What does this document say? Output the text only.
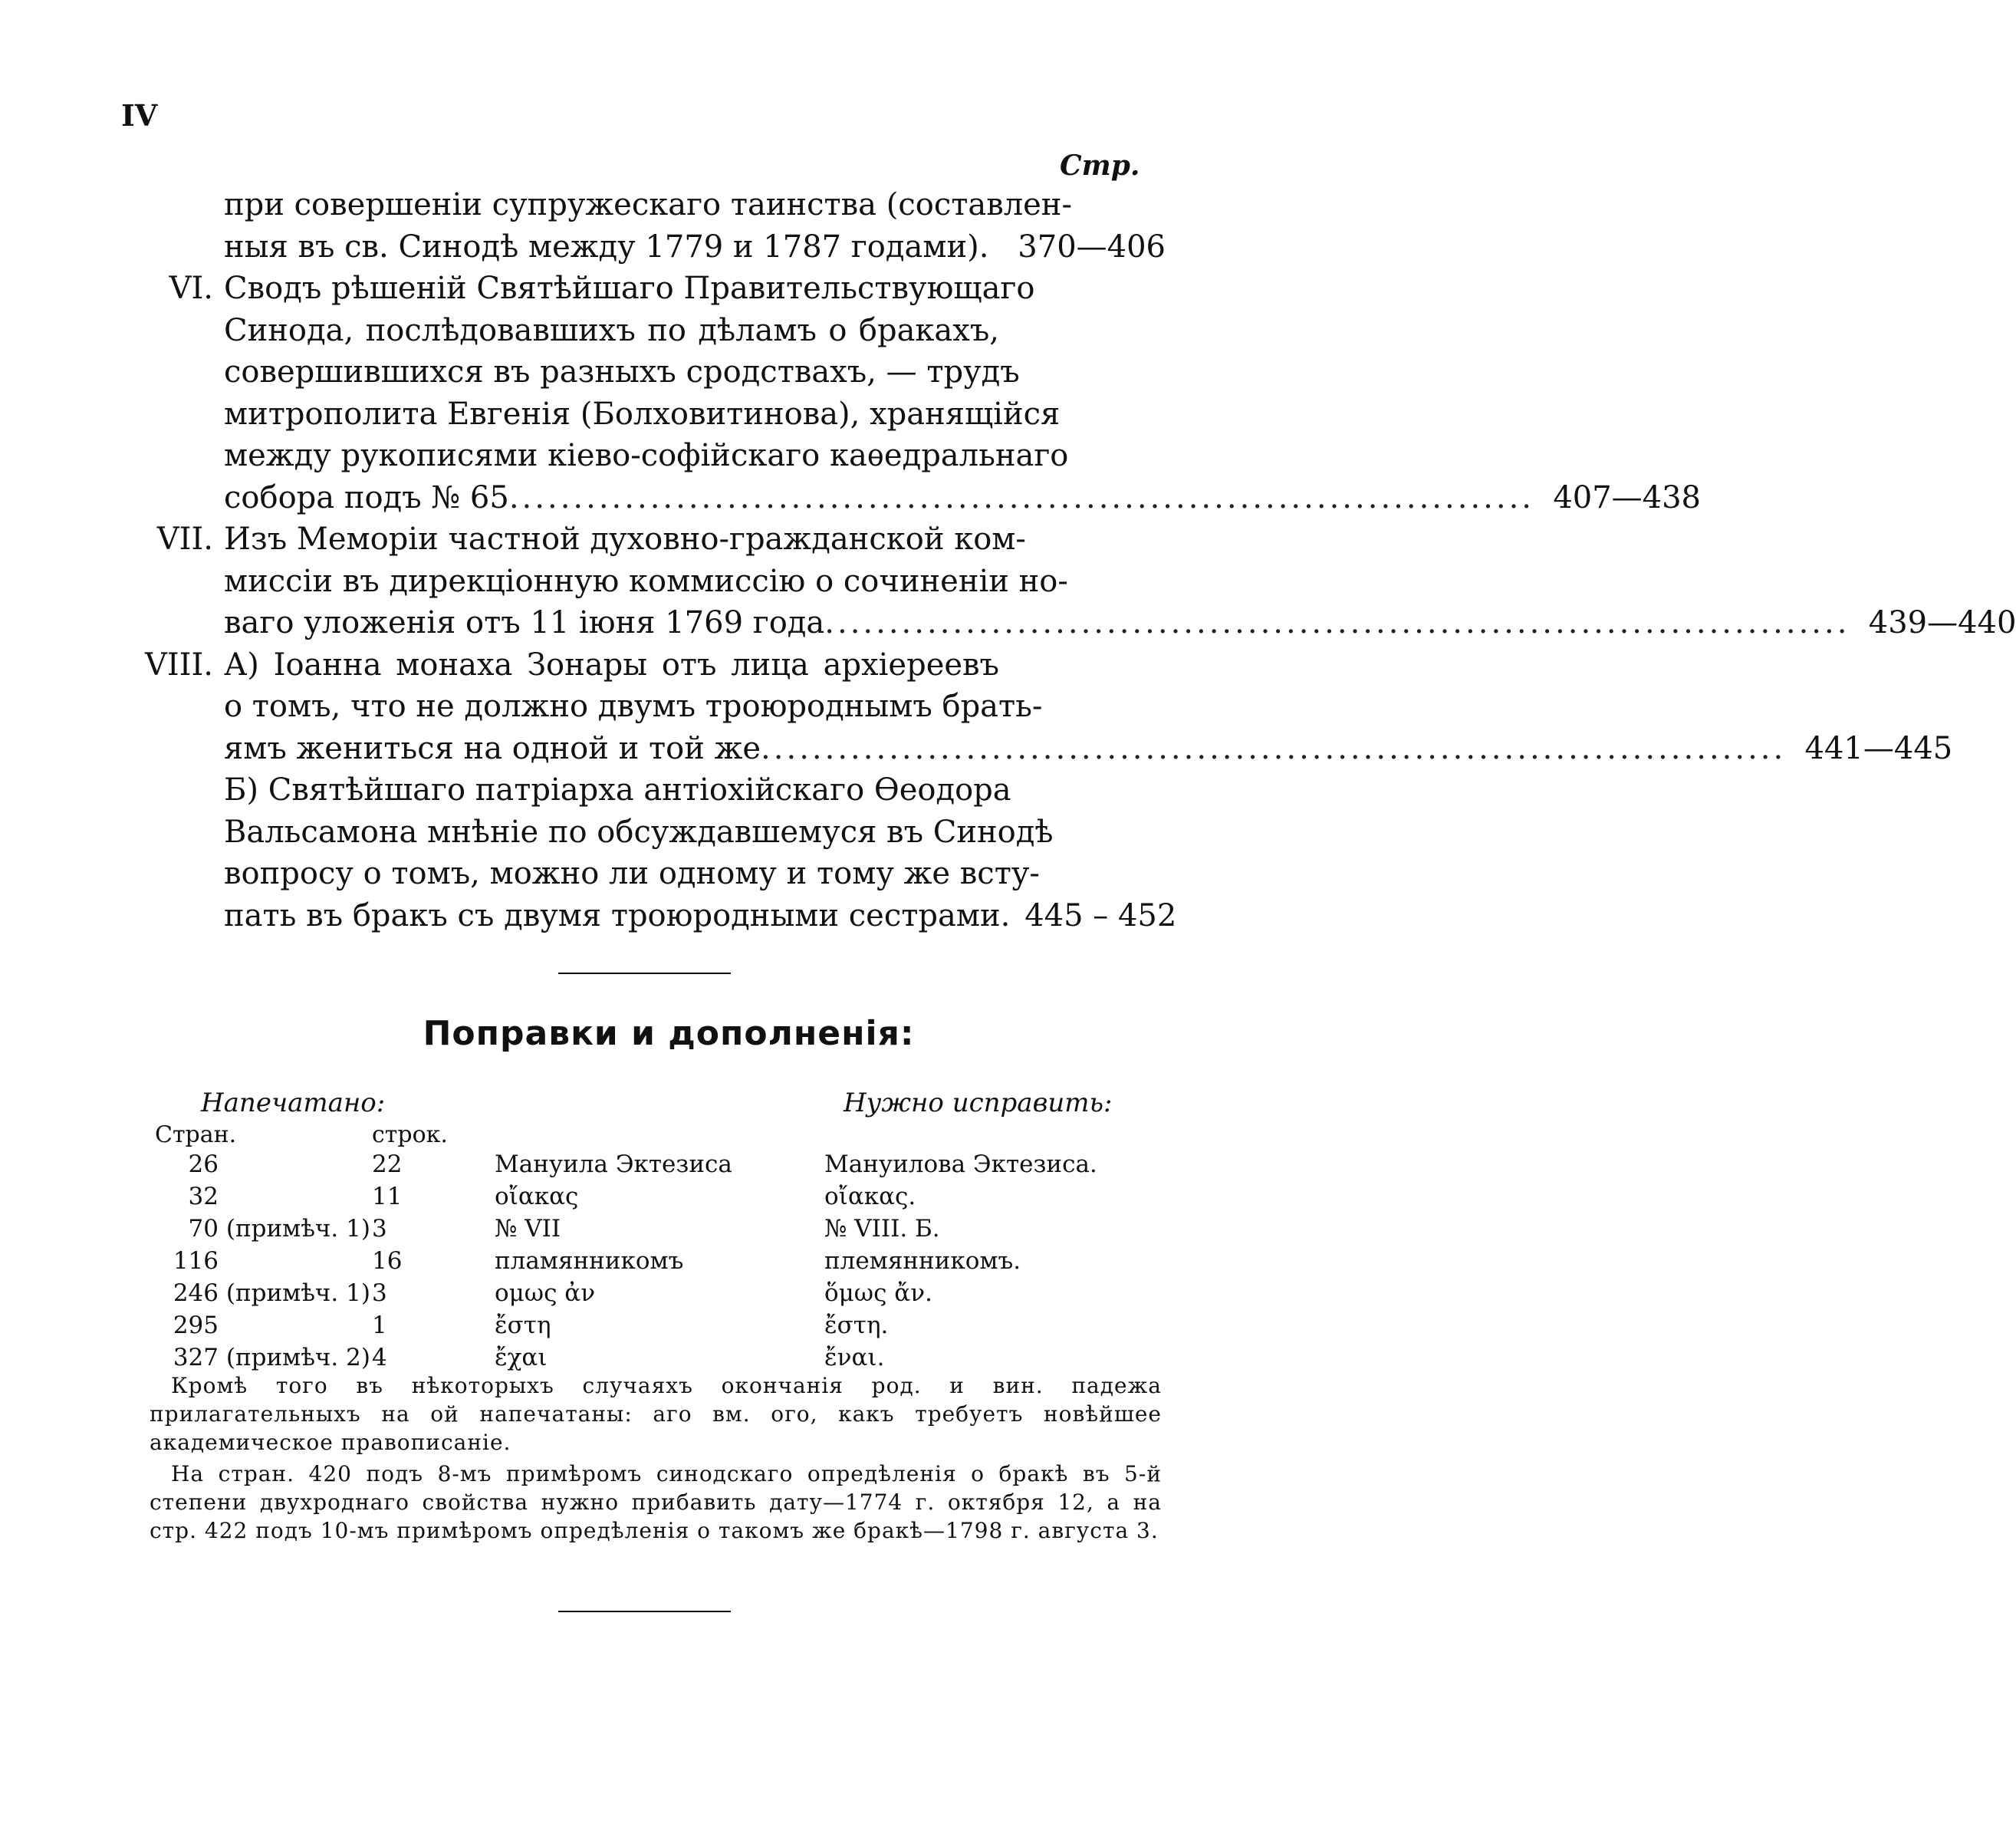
IV
Стр.
при совершеніи супружескаго таинства (составлен-
ныя въ св. Синодѣ между 1779 и 1787 годами). 370—406
VI. Сводъ рѣшеній Святѣйшаго Правительствующаго
Синода, послѣдовавшихъ по дѣламъ о бракахъ,
совершившихся въ разныхъ сродствахъ, — трудъ
митрополита Евгенія (Болховитинова), хранящійся
между рукописями кіево-софійскаго каѳедральнаго
собора подъ № 65 ................................................................................ 407—438
VII. Изъ Меморіи частной духовно-гражданской ком-
миссіи въ дирекціонную коммиссію о сочиненіи но-
ваго уложенія отъ 11 іюня 1769 года ................................................................................ 439—440
VIII. А) Іоанна монаха Зонары отъ лица архіереевъ
о томъ, что не должно двумъ троюроднымъ брать-
ямъ жениться на одной и той же ................................................................................ 441—445
Б) Святѣйшаго патріарха антіохійскаго Ѳеодора
Вальсамона мнѣніе по обсуждавшемуся въ Синодѣ
вопросу о томъ, можно ли одному и тому же всту-
пать въ бракъ съ двумя троюродными сестрами. 445 – 452
Поправки и дополненія:
Напечатано:	Нужно исправить:
Стран.	строк.
26	22	Мануила Эктезиса	Мануилова Эктезиса.
32	11	οἴακας	οἴακας.
70 (примѣч. 1)	3	№ VII	№ VIII. Б.
116	16	пламянникомъ	племянникомъ.
246 (примѣч. 1)	3	ομως ἀν	ὅμως ἄν.
295	1	ἔστη	ἔστη.
327 (примѣч. 2)	4	ἔχαι	ἔναι.

Кромѣ того въ нѣкоторыхъ случаяхъ окончанія род. и вин. падежа прилагательныхъ на ой напечатаны: аго вм. ого, какъ требуетъ новѣйшее академическое правописаніе.

На стран. 420 подъ 8-мъ примѣромъ синодскаго опредѣленія о бракѣ въ 5-й степени двухроднаго свойства нужно прибавить дату—1774 г. октября 12, а на стр. 422 подъ 10-мъ примѣромъ опредѣленія о такомъ же бракѣ—1798 г. августа 3.
